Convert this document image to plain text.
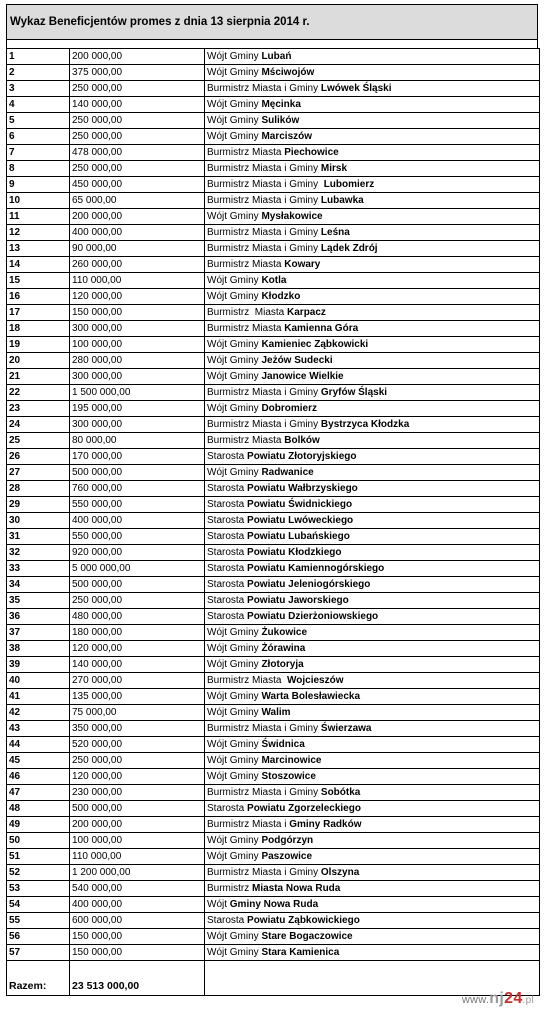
Wykaz Beneficjentów promes z dnia 13 sierpnia 2014 r.
1	200 000,00	Wójt Gminy Lubań
2	375 000,00	Wójt Gminy Mściwojów
3	250 000,00	Burmistrz Miasta i Gminy Lwówek Śląski
4	140 000,00	Wójt Gminy Męcinka
5	250 000,00	Wójt Gminy Sulików
6	250 000,00	Wójt Gminy Marciszów
7	478 000,00	Burmistrz Miasta Piechowice
8	250 000,00	Burmistrz Miasta i Gminy Mirsk
9	450 000,00	Burmistrz Miasta i Gminy  Lubomierz
10	65 000,00	Burmistrz Miasta i Gminy Lubawka
11	200 000,00	Wójt Gminy Mysłakowice
12	400 000,00	Burmistrz Miasta i Gminy Leśna
13	90 000,00	Burmistrz Miasta i Gminy Lądek Zdrój
14	260 000,00	Burmistrz Miasta Kowary
15	110 000,00	Wójt Gminy Kotla
16	120 000,00	Wójt Gminy Kłodzko
17	150 000,00	Burmistrz  Miasta Karpacz
18	300 000,00	Burmistrz Miasta Kamienna Góra
19	100 000,00	Wójt Gminy Kamieniec Ząbkowicki
20	280 000,00	Wójt Gminy Jeżów Sudecki
21	300 000,00	Wójt Gminy Janowice Wielkie
22	1 500 000,00	Burmistrz Miasta i Gminy Gryfów Śląski
23	195 000,00	Wójt Gminy Dobromierz
24	300 000,00	Burmistrz Miasta i Gminy Bystrzyca Kłodzka
25	80 000,00	Burmistrz Miasta Bolków
26	170 000,00	Starosta Powiatu Złotoryjskiego
27	500 000,00	Wójt Gminy Radwanice
28	760 000,00	Starosta Powiatu Wałbrzyskiego
29	550 000,00	Starosta Powiatu Świdnickiego
30	400 000,00	Starosta Powiatu Lwóweckiego
31	550 000,00	Starosta Powiatu Lubańskiego
32	920 000,00	Starosta Powiatu Kłodzkiego
33	5 000 000,00	Starosta Powiatu Kamiennogórskiego
34	500 000,00	Starosta Powiatu Jeleniogórskiego
35	250 000,00	Starosta Powiatu Jaworskiego
36	480 000,00	Starosta Powiatu Dzierżoniowskiego
37	180 000,00	Wójt Gminy Żukowice
38	120 000,00	Wójt Gminy Żórawina
39	140 000,00	Wójt Gminy Złotoryja
40	270 000,00	Burmistrz Miasta  Wojcieszów
41	135 000,00	Wójt Gminy Warta Bolesławiecka
42	75 000,00	Wójt Gminy Walim
43	350 000,00	Burmistrz Miasta i Gminy Świerzawa
44	520 000,00	Wójt Gminy Świdnica
45	250 000,00	Wójt Gminy Marcinowice
46	120 000,00	Wójt Gminy Stoszowice
47	230 000,00	Burmistrz Miasta i Gminy Sobótka
48	500 000,00	Starosta Powiatu Zgorzeleckiego
49	200 000,00	Burmistrz Miasta i Gminy Radków
50	100 000,00	Wójt Gminy Podgórzyn
51	110 000,00	Wójt Gminy Paszowice
52	1 200 000,00	Burmistrz Miasta i Gminy Olszyna
53	540 000,00	Burmistrz Miasta Nowa Ruda
54	400 000,00	Wójt Gminy Nowa Ruda
55	600 000,00	Starosta Powiatu Ząbkowickiego
56	150 000,00	Wójt Gminy Stare Bogaczowice
57	150 000,00	Wójt Gminy Stara Kamienica
Razem:	23 513 000,00	
www.nj24.pl
